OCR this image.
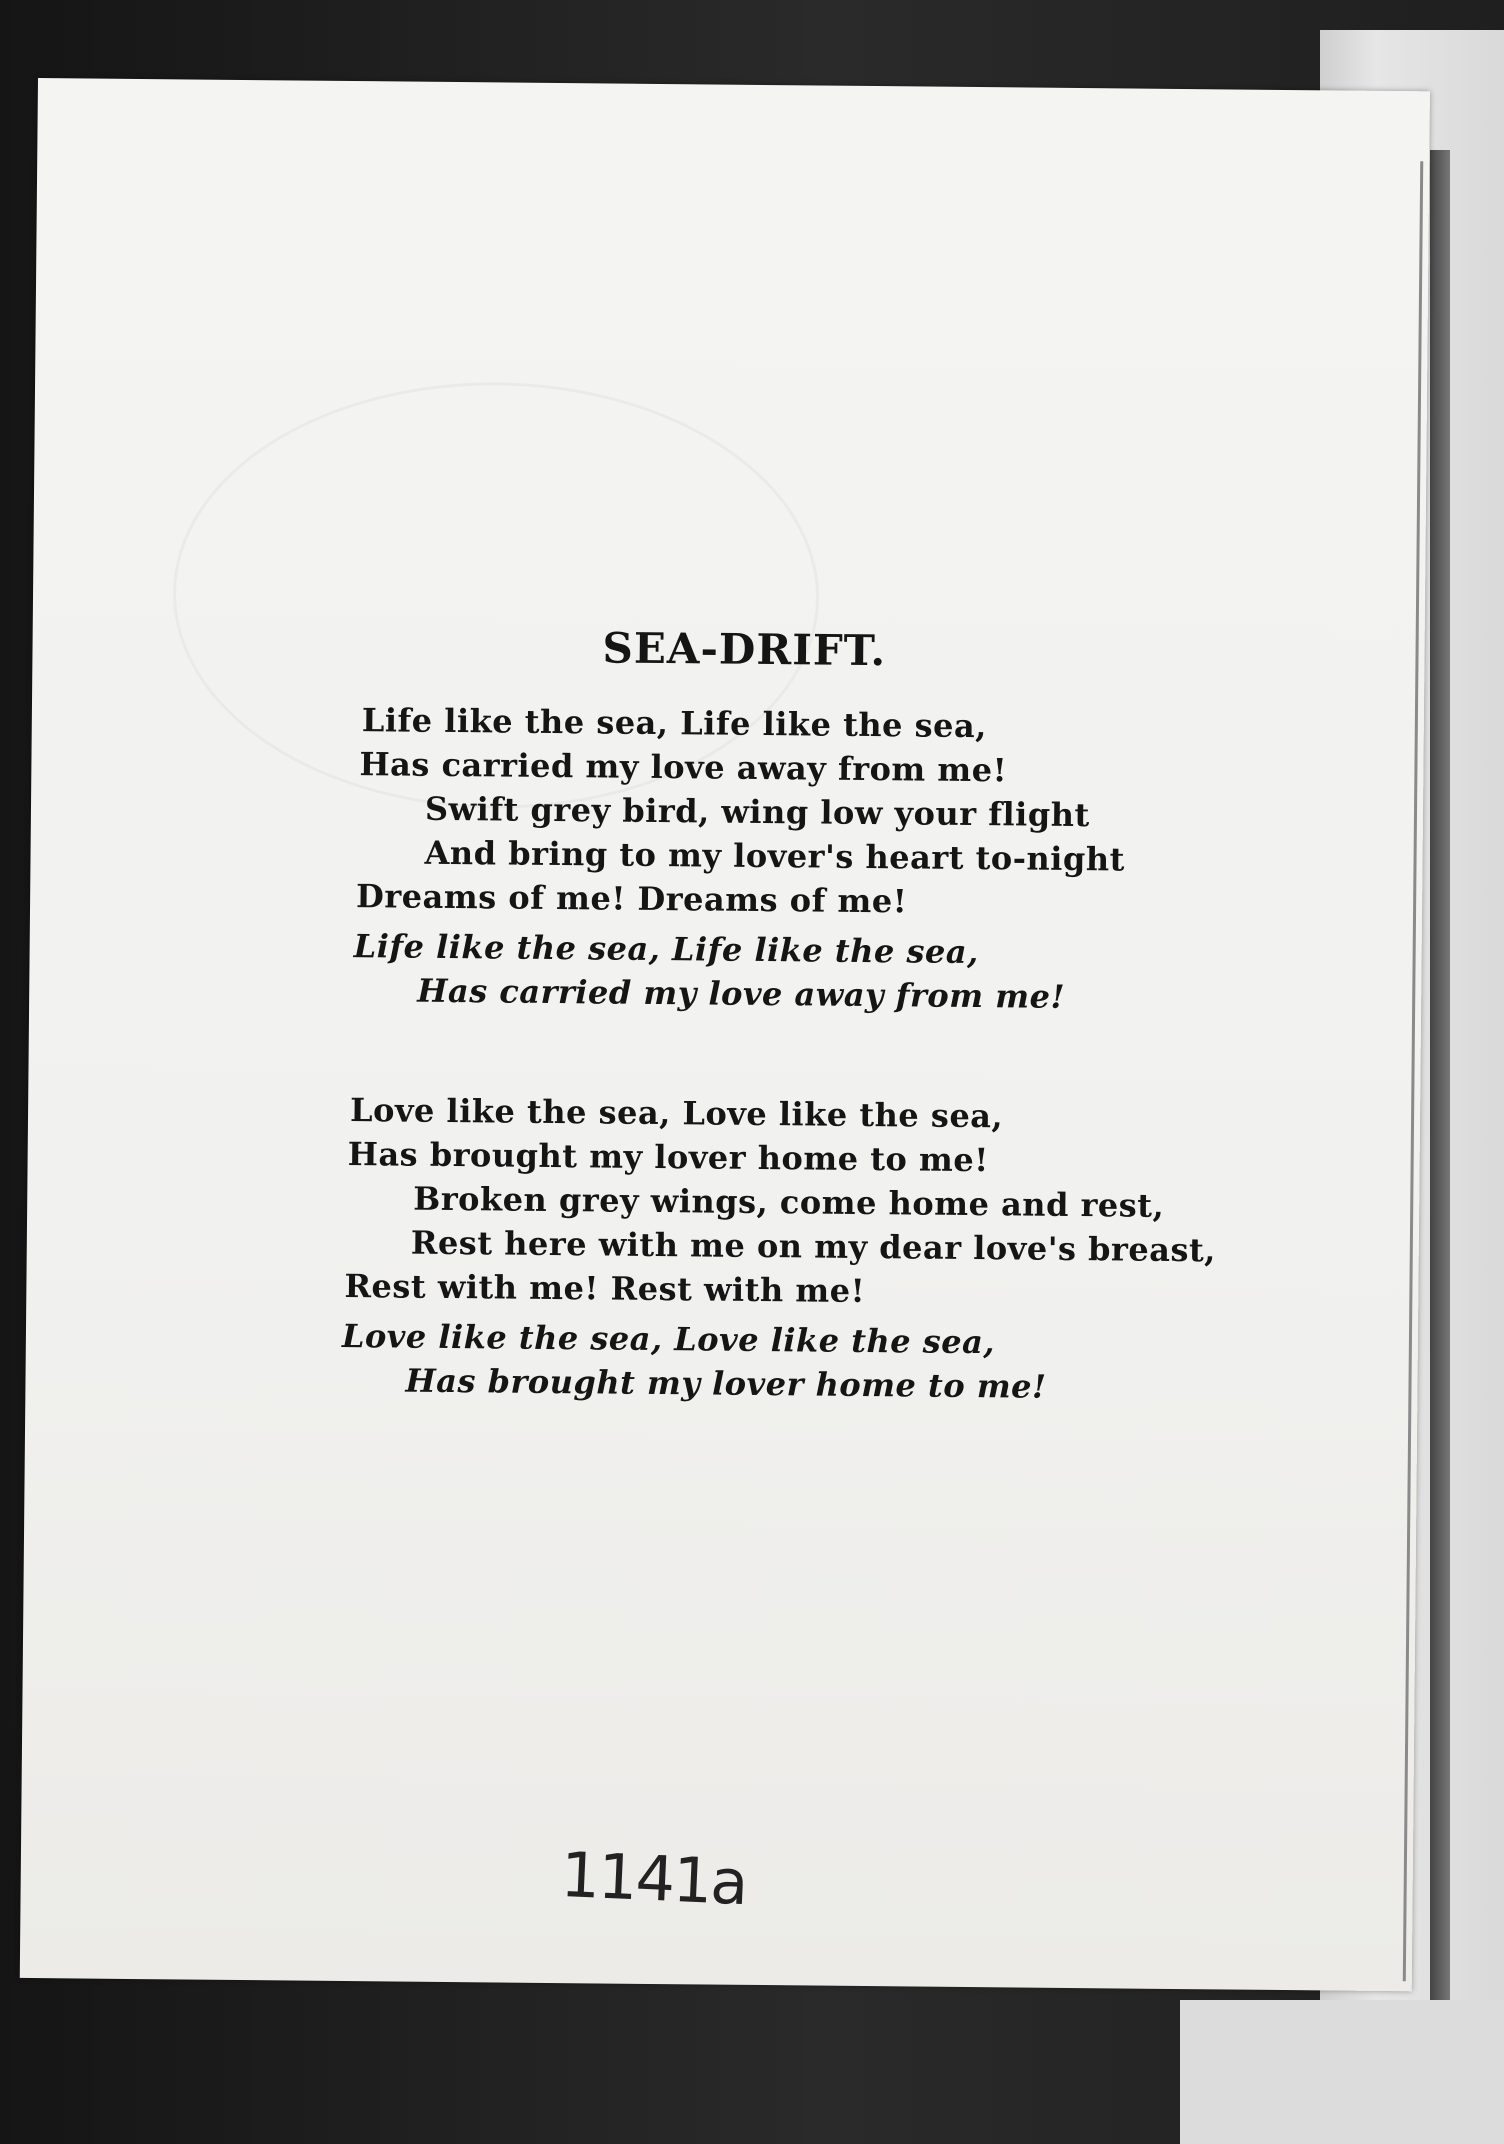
SEA-DRIFT.
Life like the sea, Life like the sea,
Has carried my love away from me!
Swift grey bird, wing low your flight
And bring to my lover's heart to-night
Dreams of me! Dreams of me!
Life like the sea, Life like the sea,
Has carried my love away from me!
Love like the sea, Love like the sea,
Has brought my lover home to me!
Broken grey wings, come home and rest,
Rest here with me on my dear love's breast,
Rest with me! Rest with me!
Love like the sea, Love like the sea,
Has brought my lover home to me!
1141a
